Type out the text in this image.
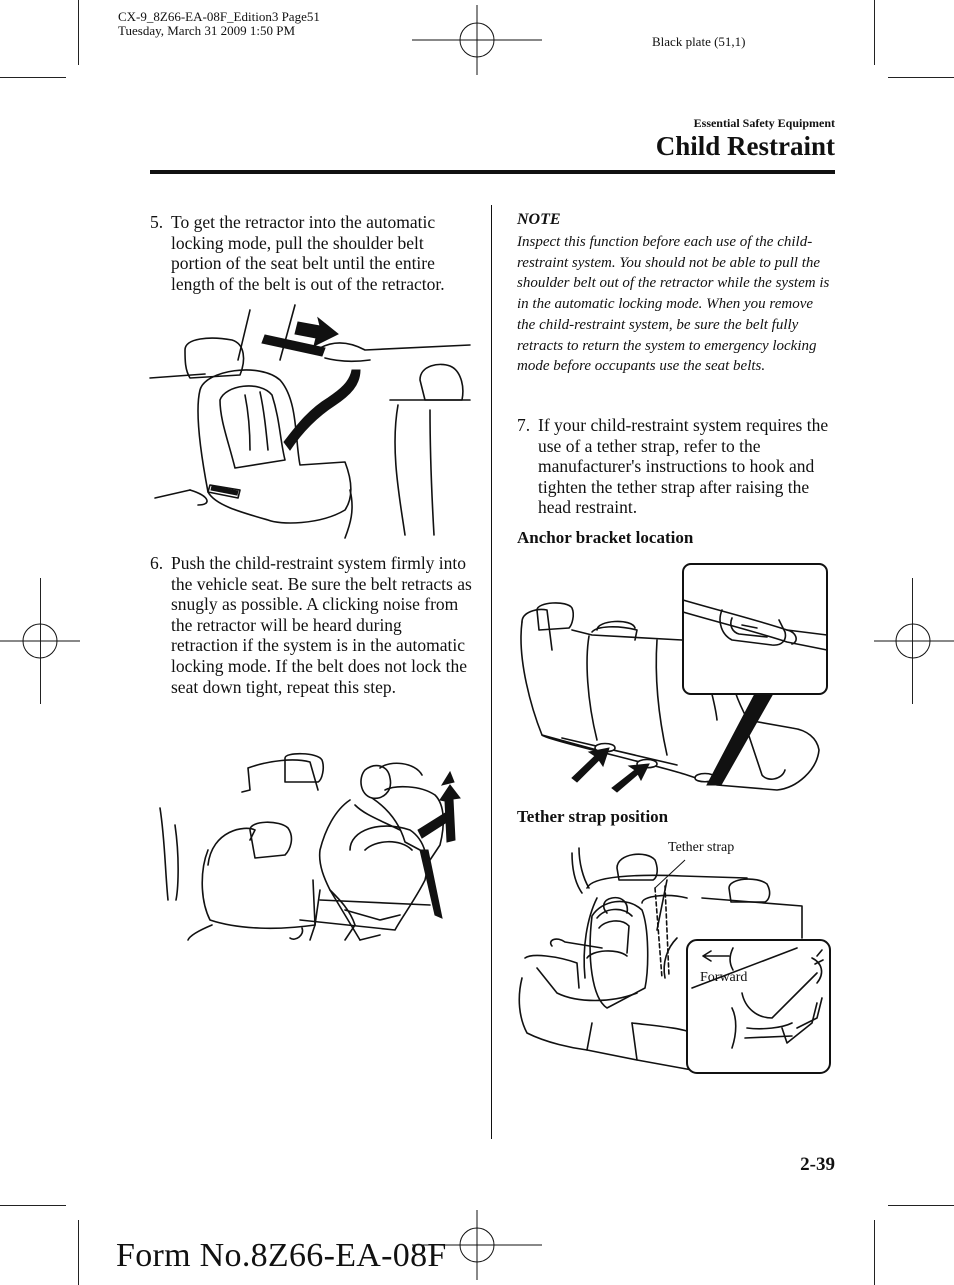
CX-9_8Z66-EA-08F_Edition3 Page51
Tuesday, March 31 2009 1:50 PM
Black plate (51,1)
Essential Safety Equipment
Child Restraint
5. To get the retractor into the automatic locking mode, pull the shoulder belt portion of the seat belt until the entire length of the belt is out of the retractor.
6. Push the child-restraint system firmly into the vehicle seat. Be sure the belt retracts as snugly as possible. A clicking noise from the retractor will be heard during retraction if the system is in the automatic locking mode. If the belt does not lock the seat down tight, repeat this step.
NOTE
Inspect this function before each use of the child-restraint system. You should not be able to pull the shoulder belt out of the retractor while the system is in the automatic locking mode. When you remove the child-restraint system, be sure the belt fully retracts to return the system to emergency locking mode before occupants use the seat belts.
7. If your child-restraint system requires the use of a tether strap, refer to the manufacturer's instructions to hook and tighten the tether strap after raising the head restraint.
Anchor bracket location
Tether strap position
Tether strap
Forward
2-39
Form No.8Z66-EA-08F
